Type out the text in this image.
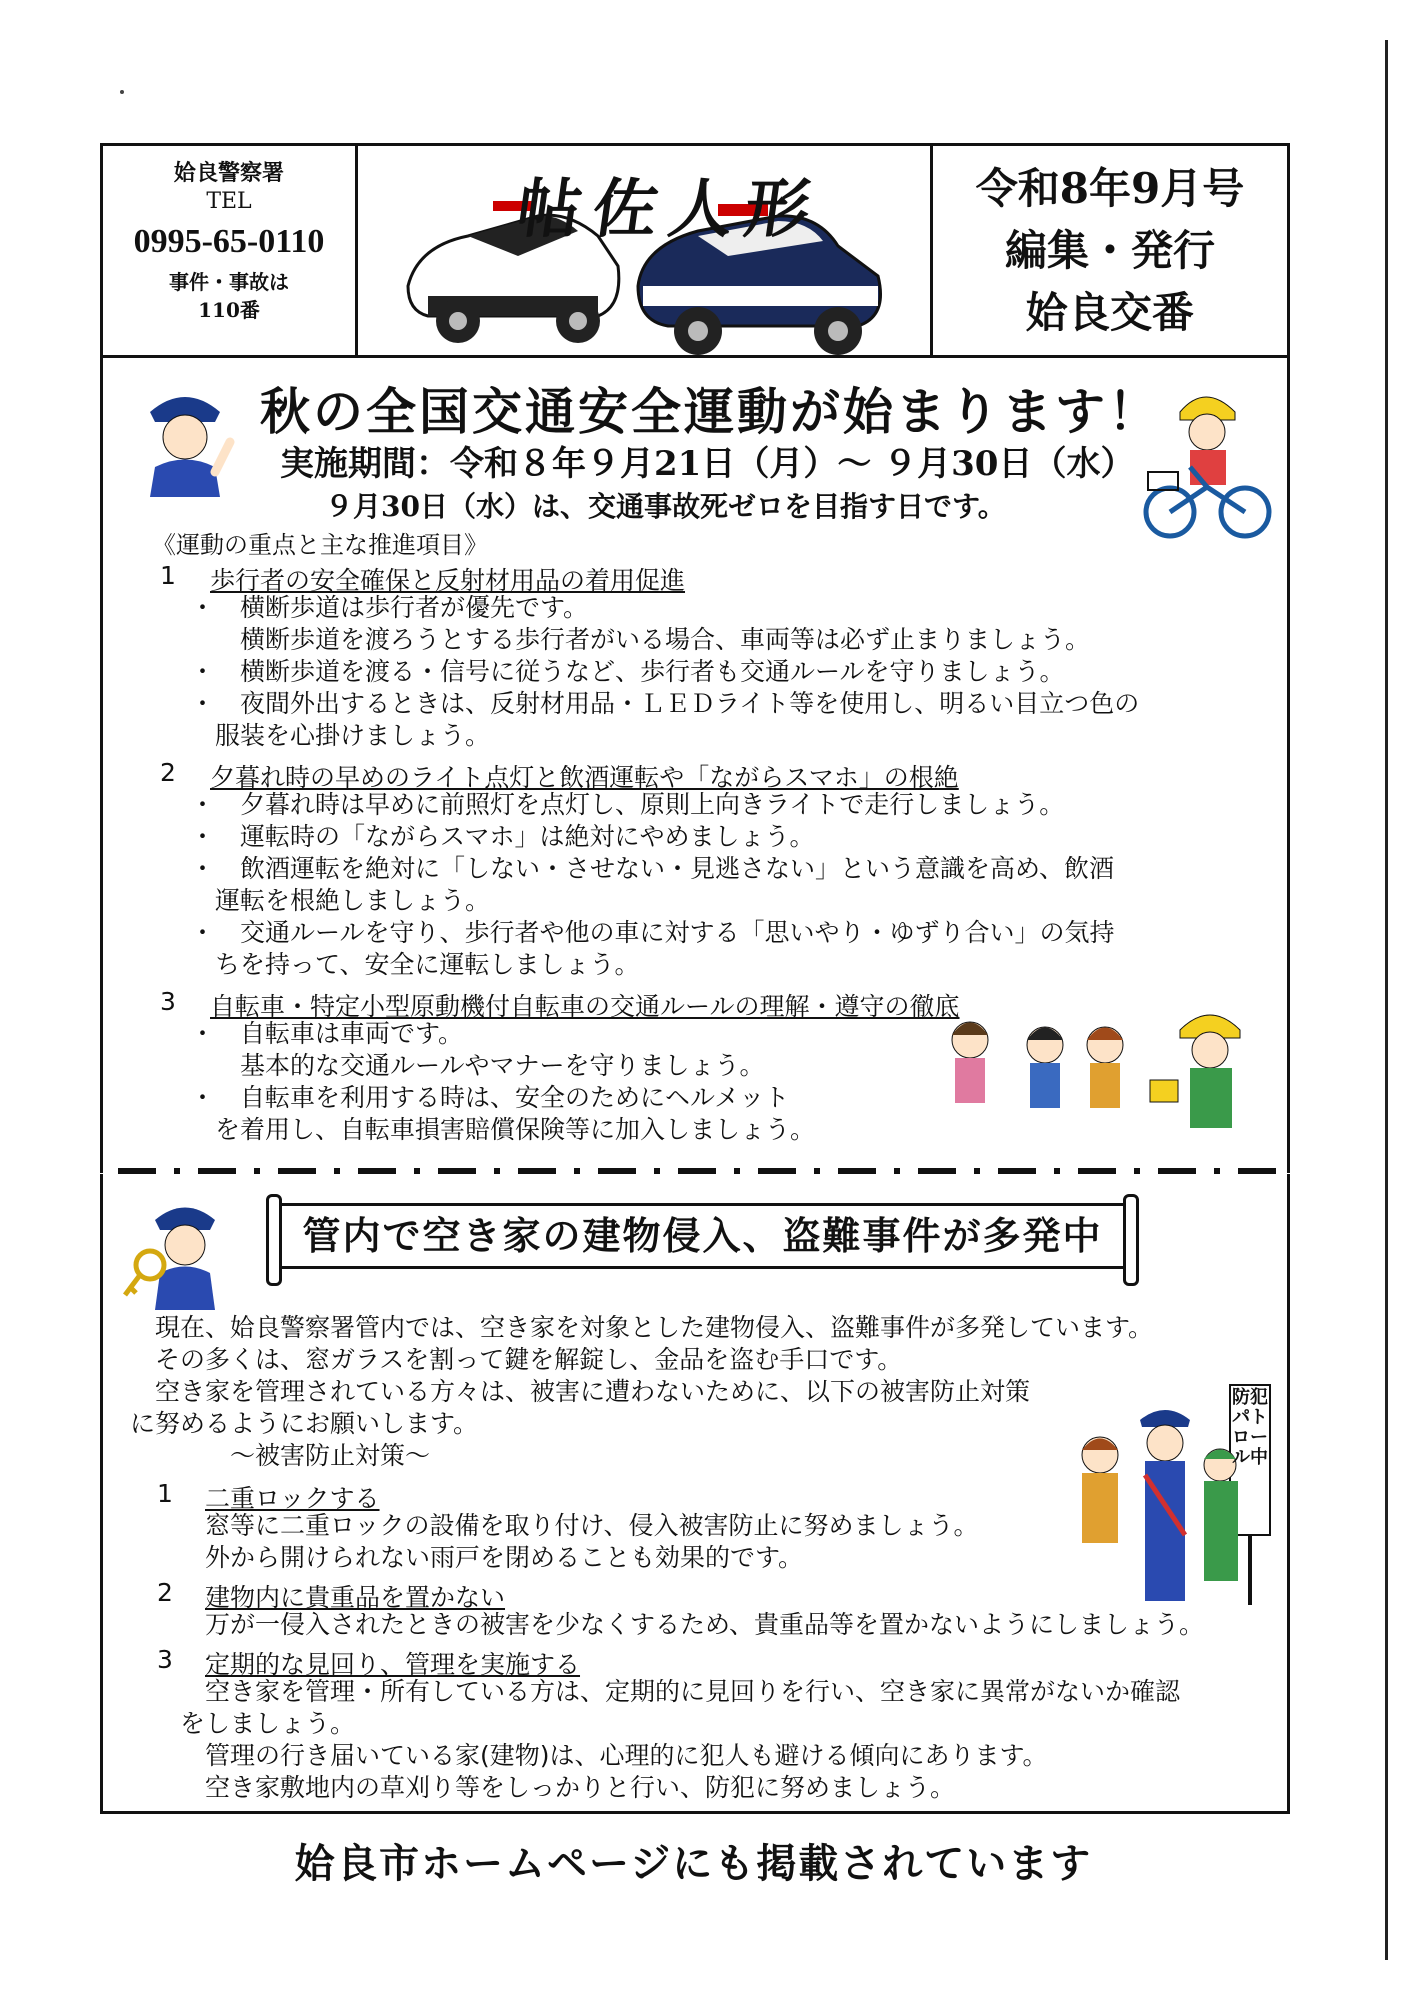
姶良警察署
TEL
0995-65-0110
事件・事故は
110番
帖佐人形	令和8年9月号
編集・発行
姶良交番
秋の全国交通安全運動が始まります！
実施期間：令和８年９月21日（月）～ ９月30日（水）
９月30日（水）は、交通事故死ゼロを目指す日です。
《運動の重点と主な推進項目》
1 歩行者の安全確保と反射材用品の着用促進
・　横断歩道は歩行者が優先です。
　　横断歩道を渡ろうとする歩行者がいる場合、車両等は必ず止まりましょう。
・　横断歩道を渡る・信号に従うなど、歩行者も交通ルールを守りましょう。
・　夜間外出するときは、反射材用品・ＬＥＤライト等を使用し、明るい目立つ色の
　服装を心掛けましょう。
2 夕暮れ時の早めのライト点灯と飲酒運転や「ながらスマホ」の根絶
・　夕暮れ時は早めに前照灯を点灯し、原則上向きライトで走行しましょう。
・　運転時の「ながらスマホ」は絶対にやめましょう。
・　飲酒運転を絶対に「しない・させない・見逃さない」という意識を高め、飲酒
　運転を根絶しましょう。
・　交通ルールを守り、歩行者や他の車に対する「思いやり・ゆずり合い」の気持
　ちを持って、安全に運転しましょう。
3 自転車・特定小型原動機付自転車の交通ルールの理解・遵守の徹底
・　自転車は車両です。
　　基本的な交通ルールやマナーを守りましょう。
・　自転車を利用する時は、安全のためにヘルメット
　を着用し、自転車損害賠償保険等に加入しましょう。
管内で空き家の建物侵入、盗難事件が多発中
　現在、姶良警察署管内では、空き家を対象とした建物侵入、盗難事件が多発しています。
　その多くは、窓ガラスを割って鍵を解錠し、金品を盗む手口です。
　空き家を管理されている方々は、被害に遭わないために、以下の被害防止対策
に努めるようにお願いします。
　　　　～被害防止対策～
1 二重ロックする
窓等に二重ロックの設備を取り付け、侵入被害防止に努めましょう。
外から開けられない雨戸を閉めることも効果的です。
2 建物内に貴重品を置かない
万が一侵入されたときの被害を少なくするため、貴重品等を置かないようにしましょう。
3 定期的な見回り、管理を実施する
空き家を管理・所有している方は、定期的に見回りを行い、空き家に異常がないか確認
をしましょう。
管理の行き届いている家(建物)は、心理的に犯人も避ける傾向にあります。
空き家敷地内の草刈り等をしっかりと行い、防犯に努めましょう。
防犯パトロール中
姶良市ホームページにも掲載されています
